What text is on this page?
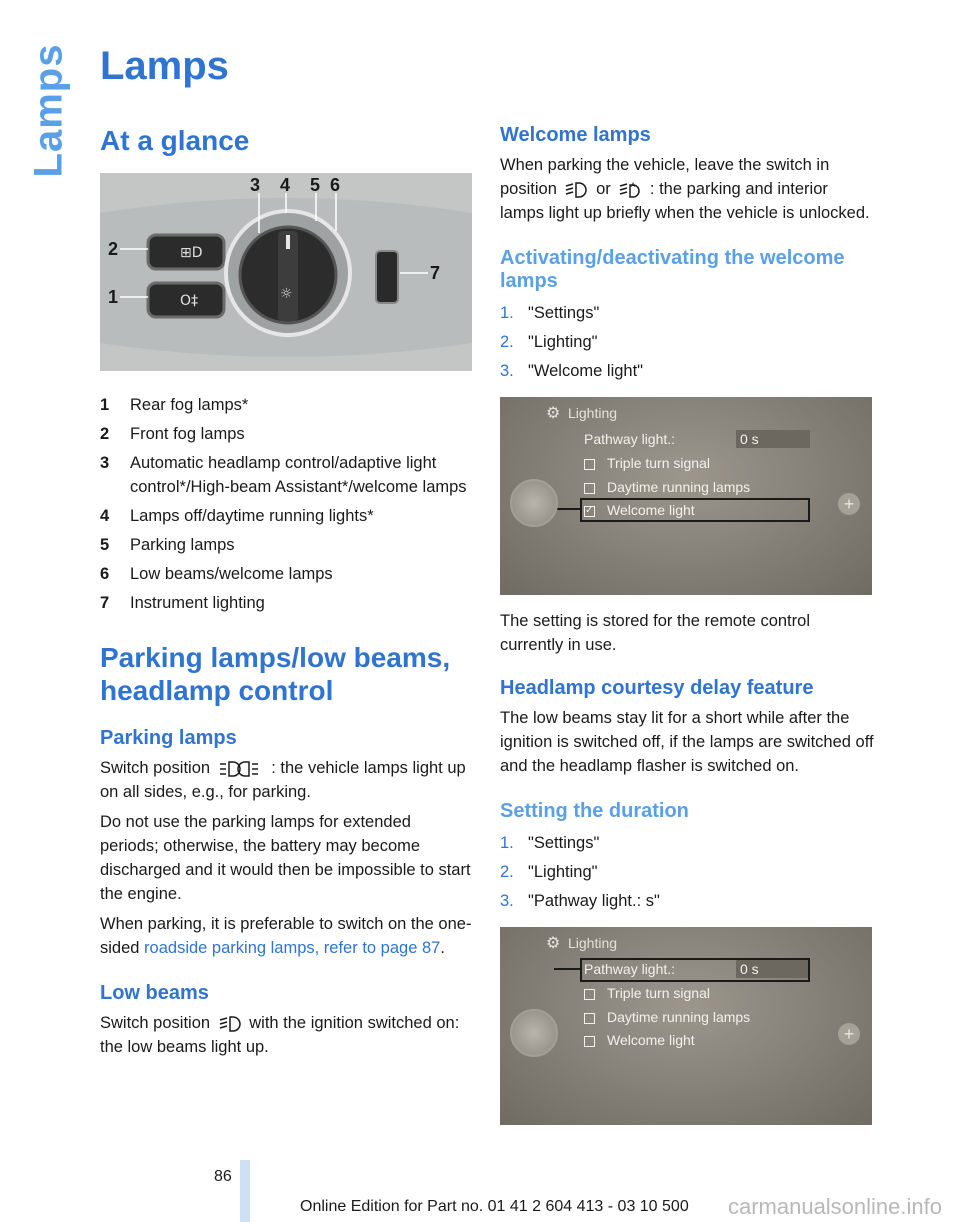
Lamps Lamps
At a glance
⊞D
O‡	☼
3 4 5 6
2
1
7
1	Rear fog lamps*
2	Front fog lamps
3	Automatic headlamp control/adaptive light control*/High-beam Assistant*/welcome lamps
4	Lamps off/daytime running lights*
5	Parking lamps
6	Low beams/welcome lamps
7	Instrument lighting
Parking lamps/low beams, headlamp control
Parking lamps

Switch position	: the vehicle lamps light up on all sides, e.g., for parking.

Do not use the parking lamps for extended periods; otherwise, the battery may become discharged and it would then be impossible to start the engine.

When parking, it is preferable to switch on the one-sided roadside parking lamps, refer to page 87.

Low beams

Switch position with the ignition switched on: the low beams light up.

Welcome lamps

When parking the vehicle, leave the switch in position or	A : the parking and interior lamps light up briefly when the vehicle is unlocked.

Activating/deactivating the welcome lamps
1. "Settings"
2. "Lighting"
3. "Welcome light"
⚙ Lighting
Pathway light.:	0 s
Triple turn signal
Daytime running lamps
✓ Welcome light	+

The setting is stored for the remote control currently in use.

Headlamp courtesy delay feature

The low beams stay lit for a short while after the ignition is switched off, if the lamps are switched off and the headlamp flasher is switched on.

Setting the duration
1. "Settings"
2. "Lighting"
3. "Pathway light.: s"
⚙ Lighting
Pathway light.:	0 s
Triple turn signal
Daytime running lamps
Welcome light	+
86
Online Edition for Part no. 01 41 2 604 413 - 03 10 500 carmanualsonline.info
